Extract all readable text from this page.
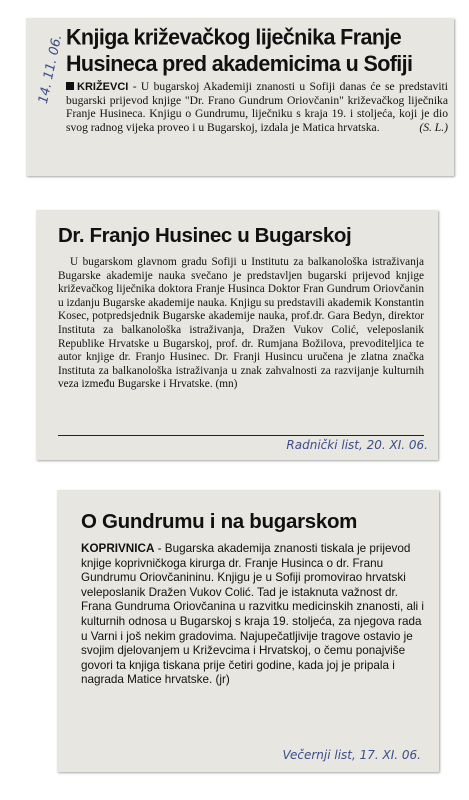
14. 11. 06. Knjiga križevačkog liječnika Franje Husineca pred akademicima u Sofiji
KRIŽEVCI - U bugarskoj Akademiji znanosti u Sofiji danas će se predstaviti bugarski prijevod knjige "Dr. Frano Gundrum Oriovčanin" križevačkog liječnika Franje Husineca. Knjigu o Gundrumu, liječniku s kraja 19. i stoljeća, koji je dio svog radnog vijeka proveo i u Bugarskoj, izdala je Matica hrvatska.	(S. L.)
Dr. Franjo Husinec u Bugarskoj
U bugarskom glavnom gradu Sofiji u Institutu za balkanološka istraživanja Bugarske akademije nauka svečano je predstavljen bugarski prijevod knjige križevačkog liječnika doktora Franje Husinca Doktor Fran Gundrum Oriovčanin u izdanju Bugarske akademije nauka. Knjigu su predstavili akademik Konstantin Kosec, potpredsjednik Bugarske akademije nauka, prof.dr. Gara Bedyn, direktor Instituta za balkanološka istraživanja, Dražen Vukov Colić, veleposlanik Republike Hrvatske u Bugarskoj, prof. dr. Rumjana Božilova, prevoditeljica te autor knjige dr. Franjo Husinec. Dr. Franji Husincu uručena je zlatna značka Instituta za balkanološka istraživanja u znak zahvalnosti za razvijanje kulturnih veza između Bugarske i Hrvatske. (mn)
Radnički list, 20. XI. 06.
O Gundrumu i na bugarskom
KOPRIVNICA - Bugarska akademija znanosti tiskala je prijevod knjige koprivničkoga kirurga dr. Franje Husinca o dr. Franu Gundrumu Oriovčanininu. Knjigu je u Sofiji promovirao hrvatski veleposlanik Dražen Vukov Colić. Tad je istaknuta važnost dr. Frana Gundruma Oriovčanina u razvitku medicinskih znanosti, ali i kulturnih odnosa u Bugarskoj s kraja 19. stoljeća, za njegova rada u Varni i još nekim gradovima. Najupečatljivije tragove ostavio je svojim djelovanjem u Križevcima i Hrvatskoj, o čemu ponajviše govori ta knjiga tiskana prije četiri godine, kada joj je pripala i nagrada Matice hrvatske. (jr)
Večernji list, 17. XI. 06.
